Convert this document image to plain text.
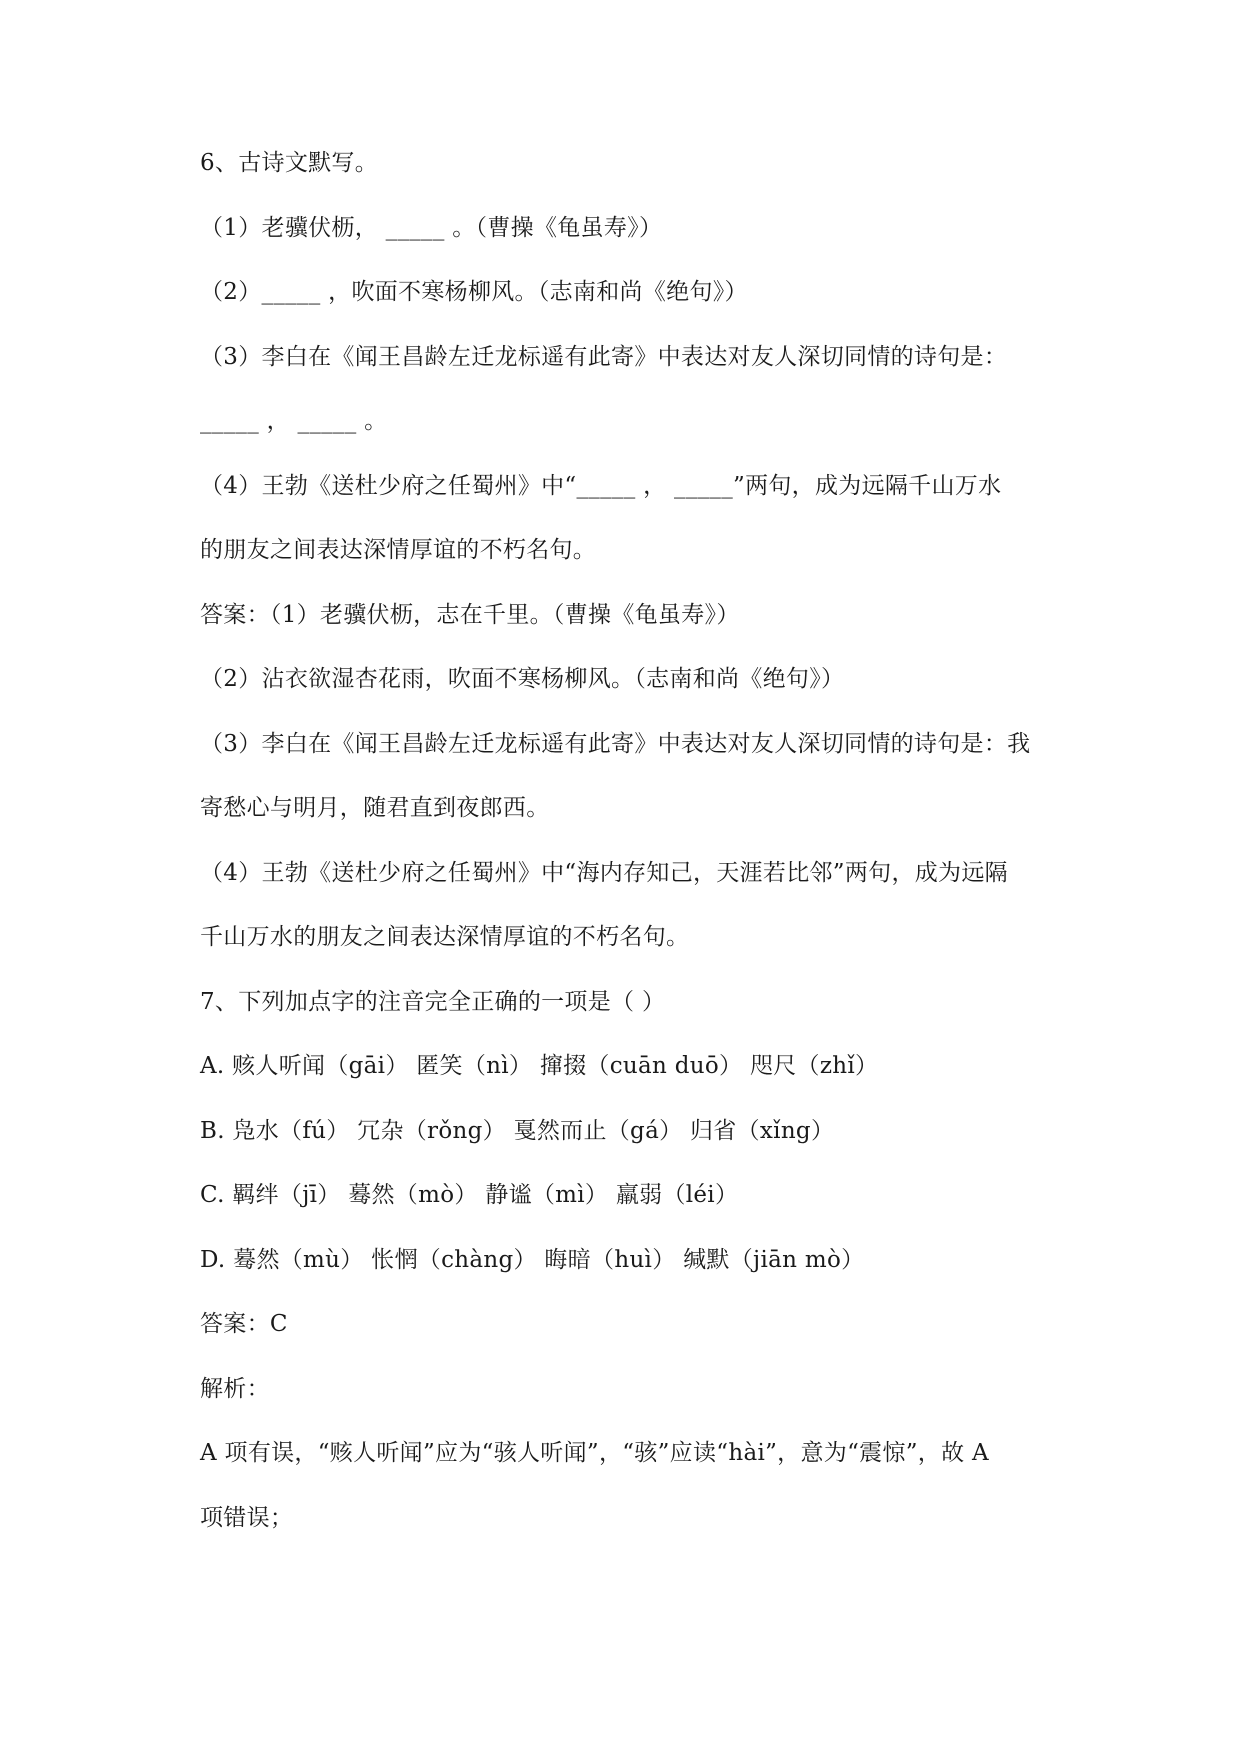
6、古诗文默写。
（1）老骥伏枥， _____ 。（曹操《龟虽寿》）
（2）_____ ，吹面不寒杨柳风。（志南和尚《绝句》）
（3）李白在《闻王昌龄左迁龙标遥有此寄》中表达对友人深切同情的诗句是：
_____ ， _____ 。
（4）王勃《送杜少府之任蜀州》中“_____ ， _____”两句，成为远隔千山万水
的朋友之间表达深情厚谊的不朽名句。
答案：（1）老骥伏枥，志在千里。（曹操《龟虽寿》）
（2）沾衣欲湿杏花雨，吹面不寒杨柳风。（志南和尚《绝句》）
（3）李白在《闻王昌龄左迁龙标遥有此寄》中表达对友人深切同情的诗句是：我
寄愁心与明月，随君直到夜郎西。
（4）王勃《送杜少府之任蜀州》中“海内存知己，天涯若比邻”两句，成为远隔
千山万水的朋友之间表达深情厚谊的不朽名句。
7、下列加点字的注音完全正确的一项是（ ）
A. 赅人听闻（gāi） 匿笑（nì） 撺掇（cuān duō） 咫尺（zhǐ）
B. 凫水（fú） 冗杂（rǒng） 戛然而止（gá） 归省（xǐng）
C. 羁绊（jī） 蓦然（mò） 静谧（mì） 羸弱（léi）
D. 蓦然（mù） 怅惘（chàng） 晦暗（huì） 缄默（jiān mò）
答案：C
解析：
A 项有误，“赅人听闻”应为“骇人听闻”，“骇”应读“hài”，意为“震惊”，故 A
项错误；
